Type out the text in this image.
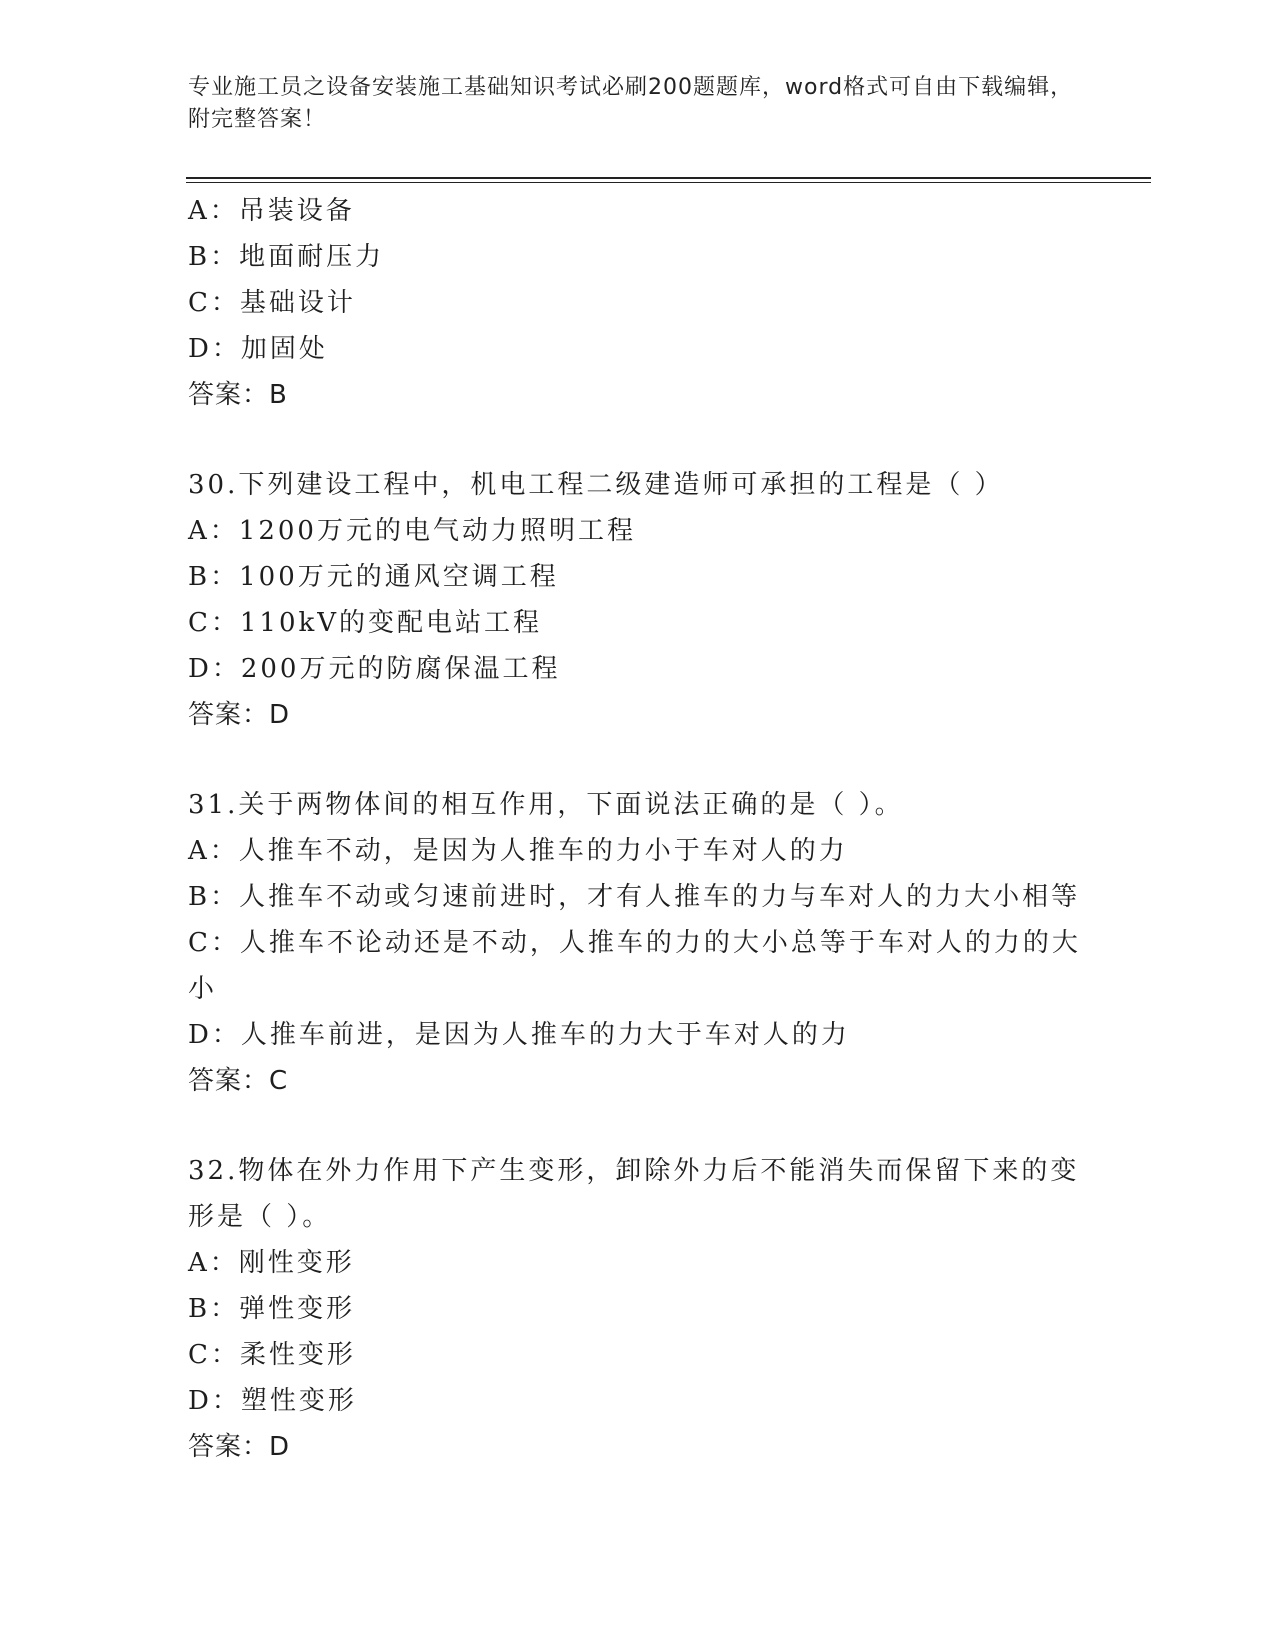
专业施工员之设备安装施工基础知识考试必刷200题题库，word格式可自由下载编辑，附完整答案！
A：吊装设备
B：地面耐压力
C：基础设计
D：加固处
答案：B
30.下列建设工程中，机电工程二级建造师可承担的工程是（ ）
A：1200万元的电气动力照明工程
B：100万元的通风空调工程
C：110kV的变配电站工程
D：200万元的防腐保温工程
答案：D
31.关于两物体间的相互作用，下面说法正确的是（ ）。
A：人推车不动，是因为人推车的力小于车对人的力
B：人推车不动或匀速前进时，才有人推车的力与车对人的力大小相等
C：人推车不论动还是不动，人推车的力的大小总等于车对人的力的大小
D：人推车前进，是因为人推车的力大于车对人的力
答案：C
32.物体在外力作用下产生变形，卸除外力后不能消失而保留下来的变形是（ ）。
A：刚性变形
B：弹性变形
C：柔性变形
D：塑性变形
答案：D
